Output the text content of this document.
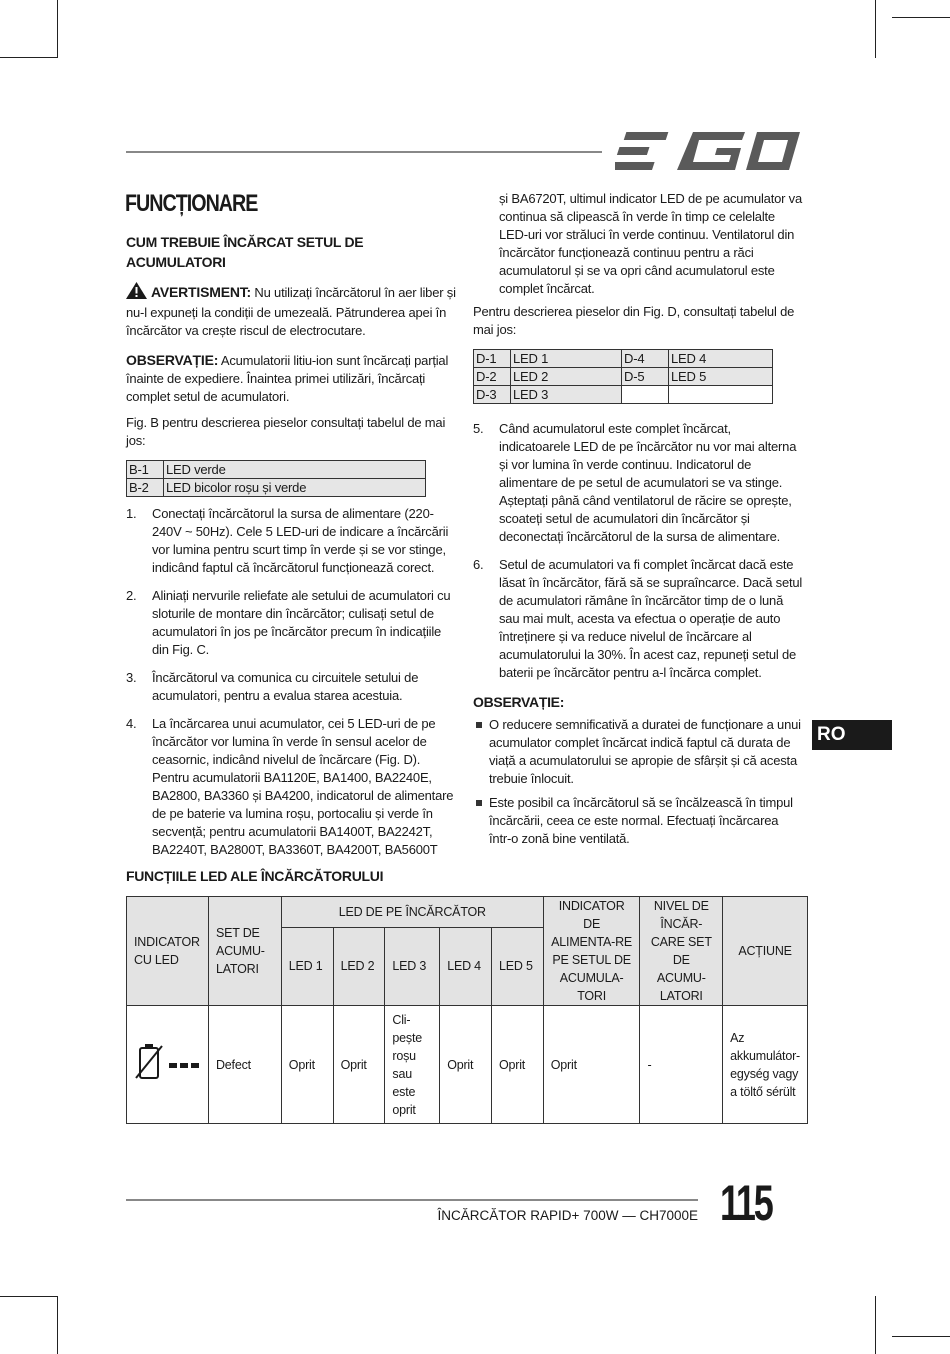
FUNCȚIONARE
CUM TREBUIE ÎNCĂRCAT SETUL DE ACUMULATORI

AVERTISMENT: Nu utilizați încărcătorul în aer liber și nu-l expuneți la condiții de umezeală. Pătrunderea apei în încărcător va crește riscul de electrocutare.

OBSERVAȚIE: Acumulatorii litiu-ion sunt încărcați parțial înainte de expediere. Înaintea primei utilizări, încărcați complet setul de acumulatori.

Fig. B pentru descrierea pieselor consultați tabelul de mai jos:

B-1	LED verde
B-2	LED bicolor roșu și verde
1. Conectați încărcătorul la sursa de alimentare (220-240V ~ 50Hz). Cele 5 LED-uri de indicare a încărcării vor lumina pentru scurt timp în verde și se vor stinge, indicând faptul că încărcătorul funcționează corect.
2. Aliniați nervurile reliefate ale setului de acumulatori cu sloturile de montare din încărcător; culisați setul de acumulatori în jos pe încărcător precum în indicațiile din Fig. C.
3. Încărcătorul va comunica cu circuitele setului de acumulatori, pentru a evalua starea acestuia.
4. La încărcarea unui acumulator, cei 5 LED-uri de pe încărcător vor lumina în verde în sensul acelor de ceasornic, indicând nivelul de încărcare (Fig. D). Pentru acumulatorii BA1120E, BA1400, BA2240E, BA2800, BA3360 și BA4200, indicatorul de alimentare de pe baterie va lumina roșu, portocaliu și verde în secvență; pentru acumulatorii BA1400T, BA2242T, BA2240T, BA2800T, BA3360T, BA4200T, BA5600T

și BA6720T, ultimul indicator LED de pe acumulator va continua să clipească în verde în timp ce celelalte LED-uri vor străluci în verde continuu. Ventilatorul din încărcător funcționează continuu pentru a răci acumulatorul și se va opri când acumulatorul este complet încărcat.

Pentru descrierea pieselor din Fig. D, consultați tabelul de mai jos:

D-1	LED 1	D-4	LED 4
D-2	LED 2	D-5	LED 5
D-3	LED 3		
5. Când acumulatorul este complet încărcat, indicatoarele LED de pe încărcător nu vor mai alterna și vor lumina în verde continuu. Indicatorul de alimentare de pe setul de acumulatori se va stinge. Așteptați până când ventilatorul de răcire se oprește, scoateți setul de acumulatori din încărcător și deconectați încărcătorul de la sursa de alimentare.
6. Setul de acumulatori va fi complet încărcat dacă este lăsat în încărcător, fără să se supraîncarce. Dacă setul de acumulatori rămâne în încărcător timp de o lună sau mai mult, acesta va efectua o operație de auto întreținere și va reduce nivelul de încărcare al acumulatorului la 30%. În acest caz, repuneți setul de baterii pe încărcător pentru a-l încărca complet.
OBSERVAȚIE:
O reducere semnificativă a duratei de funcționare a unui acumulator complet încărcat indică faptul că durata de viață a acumulatorului se apropie de sfârșit și că acesta trebuie înlocuit.
Este posibil ca încărcătorul să se încălzească în timpul încărcării, ceea ce este normal. Efectuați încărcarea într-o zonă bine ventilată.
RO
FUNCȚIILE LED ALE ÎNCĂRCĂTORULUI
INDICATOR CU LED	SET DE ACUMU-LATORI	LED DE PE ÎNCĂRCĂTOR					INDICATOR DE ALIMENTA-RE PE SETUL DE ACUMULA-TORI	NIVEL DE ÎNCĂR-CARE SET DE ACUMU-LATORI	ACȚIUNE
		LED 1	LED 2	LED 3	LED 4	LED 5			
	Defect	Oprit	Oprit	Cli-pește roșu sau este oprit	Oprit	Oprit	Oprit	-	Az akkumulátor-egység vagy a töltő sérült
ÎNCĂRCĂTOR RAPID+ 700W — CH7000E 115
